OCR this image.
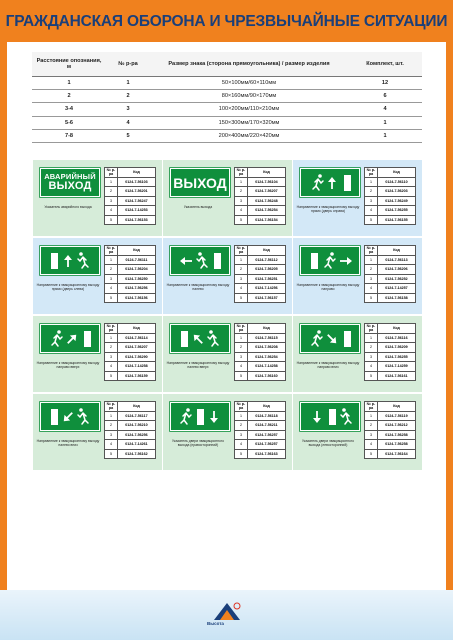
ГРАЖДАНСКАЯ ОБОРОНА И ЧРЕЗВЫЧАЙНЫЕ СИТУАЦИИ
Расстояние опознания, м	№ р-ра	Размер знака (сторона прямоугольника) / размер изделия	Комплект, шт.
1	1	50×100мм/60×110мм	12
2	2	80×160мм/90×170мм	6
3-4	3	100×200мм/110×210мм	4
5-6	4	150×300мм/170×320мм	1
7-8	5	200×400мм/220×420мм	1
АВАРИЙНЫЙ
ВЫХОД
Указатель аварийного выхода
№ р-ра	Код
1	0124-7-56103
2	0124-7-56201
3	0124-7-56247
4	0124-7-14253
5	0124-7-56153
ВЫХОД
Указатель выхода
№ р-ра	Код
1	0124-7-56104
2	0124-7-56207
3	0124-7-56248
4	0124-7-56254
5	0124-7-56154
Направление к эвакуационному выходу прямо (дверь справа)
№ р-ра	Код
1	0124-7-56110
2	0124-7-56203
3	0124-7-56249
4	0124-7-56255
5	0124-7-56155
Направление к эвакуационному выходу прямо (дверь слева)
№ р-ра	Код
1	0124-7-56111
2	0124-7-56204
3	0124-7-56250
4	0124-7-56256
5	0124-7-56156
Направление к эвакуационному выходу налево
№ р-ра	Код
1	0124-7-56112
2	0124-7-56205
3	0124-7-56251
4	0124-7-14256
5	0124-7-56157
Направление к эвакуационному выходу направо
№ р-ра	Код
1	0124-7-56113
2	0124-7-56206
3	0124-7-56252
4	0124-7-14257
5	0124-7-56158
Направление к эвакуационному выходу направо вверх
№ р-ра	Код
1	0124-7-56114
2	0124-7-56207
3	0124-7-56290
4	0124-7-14258
5	0124-7-56159
Направление к эвакуационному выходу налево вверх
№ р-ра	Код
1	0124-7-56115
2	0124-7-56208
3	0124-7-56254
4	0124-7-14258
5	0124-7-56160
Направление к эвакуационному выходу направо вниз
№ р-ра	Код
1	0124-7-56116
2	0124-7-56209
3	0124-7-56255
4	0124-7-14259
5	0124-7-56161
Направление к эвакуационному выходу налево вниз
№ р-ра	Код
1	0124-7-56117
2	0124-7-56210
3	0124-7-56256
4	0124-7-14261
5	0124-7-56162
Указатель двери эвакуационного выхода (правосторонний)
№ р-ра	Код
1	0124-7-56118
2	0124-7-56211
3	0124-7-56257
4	0124-7-56257
5	0124-7-56163
Указатель двери эвакуационного выхода (левосторонний)
№ р-ра	Код
1	0124-7-56119
2	0124-7-56212
3	0124-7-56258
4	0124-7-56258
5	0124-7-56164
Высота
